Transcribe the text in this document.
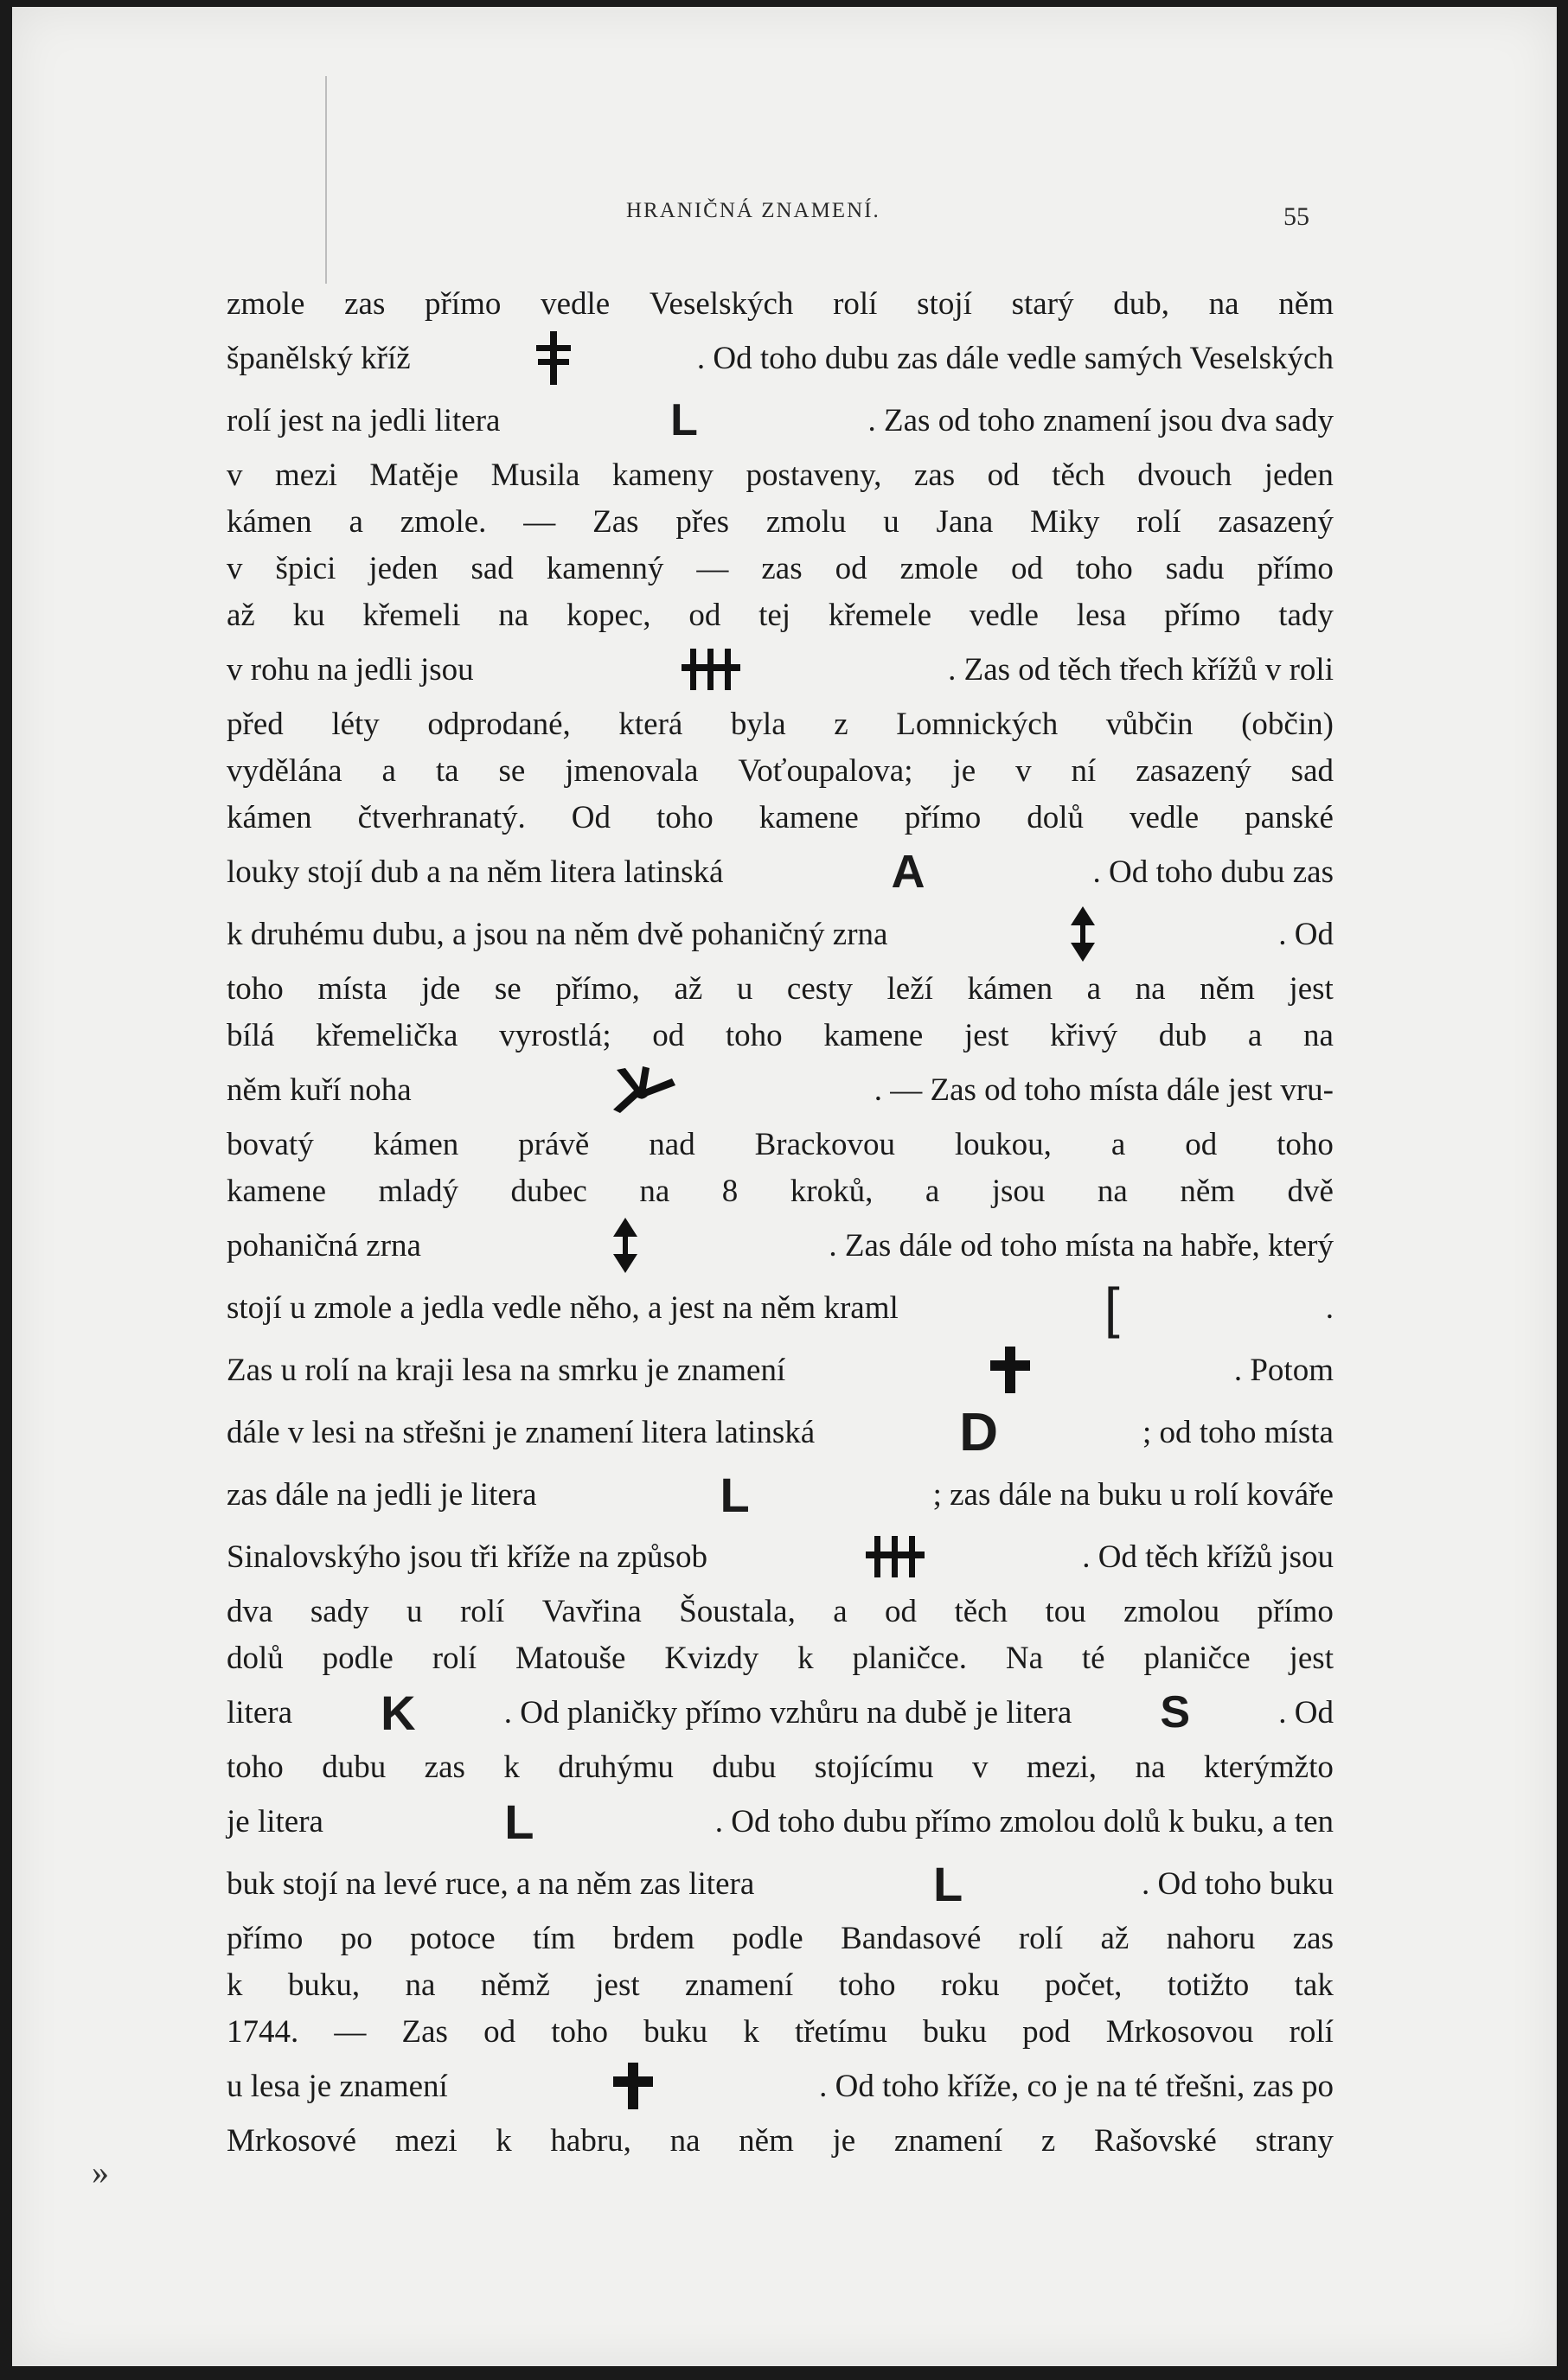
HRANIČNÁ ZNAMENÍ.	55
zmole zas přímo vedle Veselských rolí stojí starý dub, na něm
španělský kříž	. Od toho dubu zas dále vedle samých Veselských
rolí jest na jedli litera	L	. Zas od toho znamení jsou dva sady
v mezi Matěje Musila kameny postaveny, zas od těch dvouch jeden
kámen a zmole. — Zas přes zmolu u Jana Miky rolí zasazený
v špici jeden sad kamenný — zas od zmole od toho sadu přímo
až ku křemeli na kopec, od tej křemele vedle lesa přímo tady
v rohu na jedli jsou	. Zas od těch třech křížů v roli
před léty odprodané, která byla z Lomnických vůbčin (občin)
vydělána a ta se jmenovala Voťoupalova; je v ní zasazený sad
kámen čtverhranatý. Od toho kamene přímo dolů vedle panské
louky stojí dub a na něm litera latinská	A	. Od toho dubu zas
k druhému dubu, a jsou na něm dvě pohaničný zrna	. Od
toho místa jde se přímo, až u cesty leží kámen a na něm jest
bílá křemelička vyrostlá; od toho kamene jest křivý dub a na
něm kuří noha	. — Zas od toho místa dále jest vru-
bovatý kámen právě nad Brackovou loukou, a od toho
kamene mladý dubec na 8 kroků, a jsou na něm dvě
pohaničná zrna	. Zas dále od toho místa na habře, který
stojí u zmole a jedla vedle něho, a jest na něm kraml	[	.
Zas u rolí na kraji lesa na smrku je znamení	. Potom
dále v lesi na střešni je znamení litera latinská	D	; od toho místa
zas dále na jedli je litera	L	; zas dále na buku u rolí kováře
Sinalovskýho jsou tři kříže na způsob	. Od těch křížů jsou
dva sady u rolí Vavřina Šoustala, a od těch tou zmolou přímo
dolů podle rolí Matouše Kvizdy k planičce. Na té planičce jest
litera K	. Od planičky přímo vzhůru na dubě je litera S	. Od
toho dubu zas k druhýmu dubu stojícímu v mezi, na kterýmžto
je litera	L	. Od toho dubu přímo zmolou dolů k buku, a ten
buk stojí na levé ruce, a na něm zas litera	L	. Od toho buku
přímo po potoce tím brdem podle Bandasové rolí až nahoru zas
k buku, na němž jest znamení toho roku počet, totižto tak
1744. — Zas od toho buku k třetímu buku pod Mrkosovou rolí
u lesa je znamení	. Od toho kříže, co je na té třešni, zas po
Mrkosové mezi k habru, na něm je znamení z Rašovské strany
»
